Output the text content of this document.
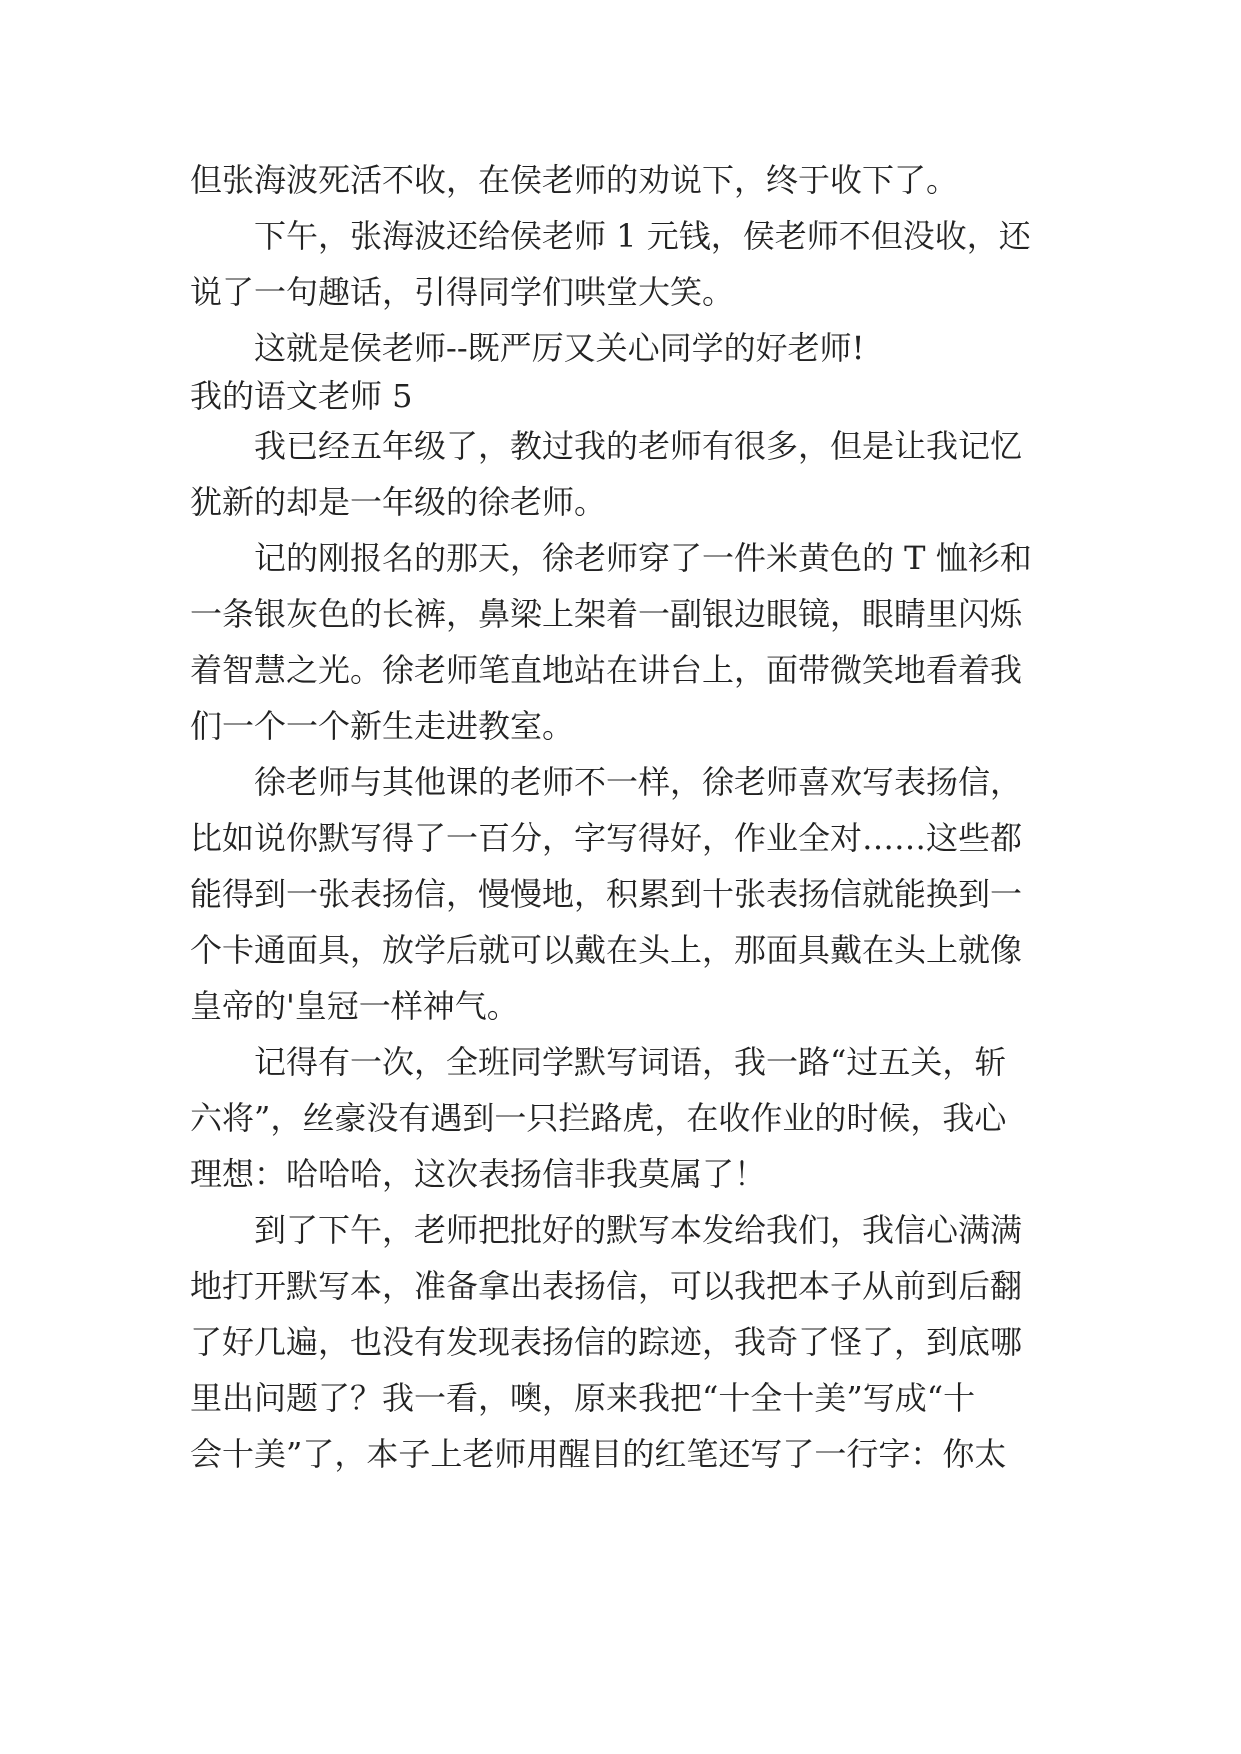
但张海波死活不收，在侯老师的劝说下，终于收下了。
下午，张海波还给侯老师 1 元钱，侯老师不但没收，还
说了一句趣话，引得同学们哄堂大笑。
这就是侯老师--既严厉又关心同学的好老师!
我的语文老师 5
我已经五年级了，教过我的老师有很多，但是让我记忆
犹新的却是一年级的徐老师。
记的刚报名的那天，徐老师穿了一件米黄色的 T 恤衫和
一条银灰色的长裤，鼻梁上架着一副银边眼镜，眼睛里闪烁
着智慧之光。徐老师笔直地站在讲台上，面带微笑地看着我
们一个一个新生走进教室。
徐老师与其他课的老师不一样，徐老师喜欢写表扬信，
比如说你默写得了一百分，字写得好，作业全对……这些都
能得到一张表扬信，慢慢地，积累到十张表扬信就能换到一
个卡通面具，放学后就可以戴在头上，那面具戴在头上就像
皇帝的'皇冠一样神气。
记得有一次，全班同学默写词语，我一路“过五关，斩
六将”，丝豪没有遇到一只拦路虎，在收作业的时候，我心
理想：哈哈哈，这次表扬信非我莫属了！
到了下午，老师把批好的默写本发给我们，我信心满满
地打开默写本，准备拿出表扬信，可以我把本子从前到后翻
了好几遍，也没有发现表扬信的踪迹，我奇了怪了，到底哪
里出问题了？我一看，噢，原来我把“十全十美”写成“十
会十美”了，本子上老师用醒目的红笔还写了一行字：你太
